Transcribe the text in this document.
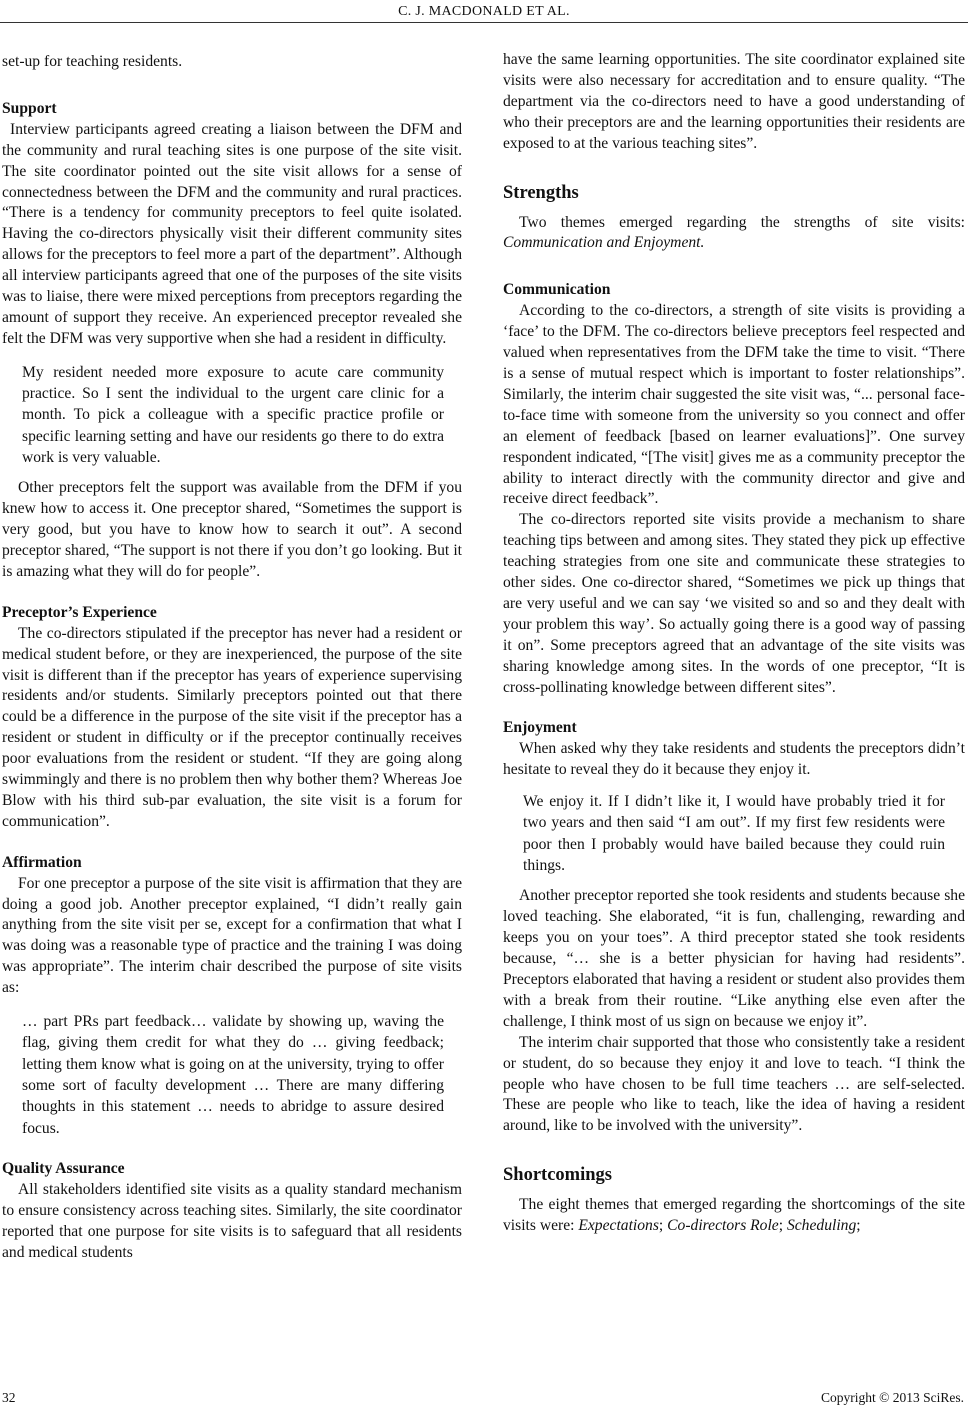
C. J. MACDONALD ET AL.

set-up for teaching residents.

Support

Interview participants agreed creating a liaison between the DFM and the community and rural teaching sites is one purpose of the site visit. The site coordinator pointed out the site visit allows for a sense of connectedness between the DFM and the community and rural practices. “There is a tendency for community preceptors to feel quite isolated. Having the co-directors physically visit their different community sites allows for the preceptors to feel more a part of the department”. Although all interview participants agreed that one of the purposes of the site visits was to liaise, there were mixed perceptions from preceptors regarding the amount of support they receive. An experienced preceptor revealed she felt the DFM was very supportive when she had a resident in difficulty.

My resident needed more exposure to acute care community practice. So I sent the individual to the urgent care clinic for a month. To pick a colleague with a specific practice profile or specific learning setting and have our residents go there to do extra work is very valuable.

Other preceptors felt the support was available from the DFM if you knew how to access it. One preceptor shared, “Sometimes the support is very good, but you have to know how to search it out”. A second preceptor shared, “The support is not there if you don’t go looking. But it is amazing what they will do for people”.

Preceptor’s Experience

The co-directors stipulated if the preceptor has never had a resident or medical student before, or they are inexperienced, the purpose of the site visit is different than if the preceptor has years of experience supervising residents and/or students. Similarly preceptors pointed out that there could be a difference in the purpose of the site visit if the preceptor has a resident or student in difficulty or if the preceptor continually receives poor evaluations from the resident or student. “If they are going along swimmingly and there is no problem then why bother them? Whereas Joe Blow with his third sub-par evaluation, the site visit is a forum for communication”.

Affirmation

For one preceptor a purpose of the site visit is affirmation that they are doing a good job. Another preceptor explained, “I didn’t really gain anything from the site visit per se, except for a confirmation that what I was doing was a reasonable type of practice and the training I was doing was appropriate”. The interim chair described the purpose of site visits as:

… part PRs part feedback… validate by showing up, waving the flag, giving them credit for what they do … giving feedback; letting them know what is going on at the university, trying to offer some sort of faculty development … There are many differing thoughts in this statement … needs to abridge to assure desired focus.
Quality Assurance

All stakeholders identified site visits as a quality standard mechanism to ensure consistency across teaching sites. Similarly, the site coordinator reported that one purpose for site visits is to safeguard that all residents and medical students

have the same learning opportunities. The site coordinator explained site visits were also necessary for accreditation and to ensure quality. “The department via the co-directors need to have a good understanding of who their preceptors are and the learning opportunities their residents are exposed to at the various teaching sites”.

Strengths

Two themes emerged regarding the strengths of site visits: Communication and Enjoyment.

Communication

According to the co-directors, a strength of site visits is providing a ‘face’ to the DFM. The co-directors believe preceptors feel respected and valued when representatives from the DFM take the time to visit. “There is a sense of mutual respect which is important to foster relationships”. Similarly, the interim chair suggested the site visit was, “... personal face-to-face time with someone from the university so you connect and offer an element of feedback [based on learner evaluations]”. One survey respondent indicated, “[The visit] gives me as a community preceptor the ability to interact directly with the community director and give and receive direct feedback”.

The co-directors reported site visits provide a mechanism to share teaching tips between and among sites. They stated they pick up effective teaching strategies from one site and communicate these strategies to other sides. One co-director shared, “Sometimes we pick up things that are very useful and we can say ‘we visited so and so and they dealt with your problem this way’. So actually going there is a good way of passing it on”. Some preceptors agreed that an advantage of the site visits was sharing knowledge among sites. In the words of one preceptor, “It is cross-pollinating knowledge between different sites”.

Enjoyment

When asked why they take residents and students the preceptors didn’t hesitate to reveal they do it because they enjoy it.

We enjoy it. If I didn’t like it, I would have probably tried it for two years and then said “I am out”. If my first few residents were poor then I probably would have bailed because they could ruin things.

Another preceptor reported she took residents and students because she loved teaching. She elaborated, “it is fun, challenging, rewarding and keeps you on your toes”. A third preceptor stated she took residents because, “… she is a better physician for having had residents”. Preceptors elaborated that having a resident or student also provides them with a break from their routine. “Like anything else even after the challenge, I think most of us sign on because we enjoy it”.

The interim chair supported that those who consistently take a resident or student, do so because they enjoy it and love to teach. “I think the people who have chosen to be full time teachers … are self-selected. These are people who like to teach, like the idea of having a resident around, like to be involved with the university”.

Shortcomings

The eight themes that emerged regarding the shortcomings of the site visits were: Expectations; Co-directors Role; Scheduling;

32	Copyright © 2013 SciRes.
